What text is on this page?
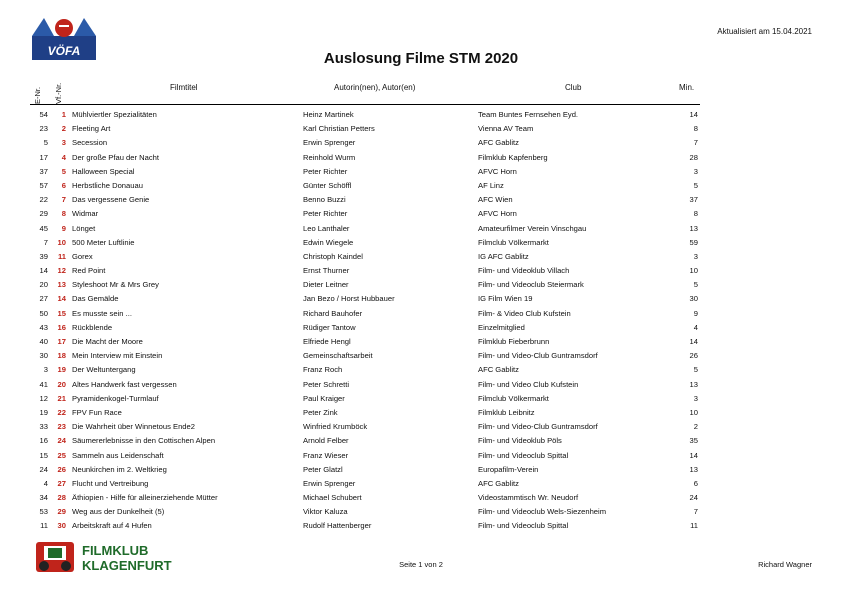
VÖFA
Aktualisiert am 15.04.2021
Auslosung Filme STM 2020
E-Nr. Vf.-Nr.	Filmtitel	Autorin(nen), Autor(en)	Club	Min.
54	1 Mühlviertler Spezialitäten	Heinz Martinek	Team Buntes Fernsehen Eyd.	14
23	2 Fleeting Art	Karl Christian Petters	Vienna AV Team	8
5	3 Secession	Erwin Sprenger	AFC Gablitz	7
17	4 Der große Pfau der Nacht	Reinhold Wurm	Filmklub Kapfenberg	28
37	5 Halloween Special	Peter Richter	AFVC Horn	3
57	6 Herbstliche Donauau	Günter Schöffl	AF Linz	5
22	7 Das vergessene Genie	Benno Buzzi	AFC Wien	37
29	8 Widmar	Peter Richter	AFVC Horn	8
45	9 Lönget	Leo Lanthaler	Amateurfilmer Verein Vinschgau	13
7	10 500 Meter Luftlinie	Edwin Wiegele	Filmclub Völkermarkt	59
39	11 Gorex	Christoph Kaindel	IG AFC Gablitz	3
14	12 Red Point	Ernst Thurner	Film- und Videoklub Villach	10
20	13 Styleshoot Mr & Mrs Grey	Dieter Leitner	Film- und Videoclub Steiermark	5
27	14 Das Gemälde	Jan Bezo / Horst Hubbauer	IG Film Wien 19	30
50	15 Es musste sein ...	Richard Bauhofer	Film- & Video Club Kufstein	9
43	16 Rückblende	Rüdiger Tantow	Einzelmitglied	4
40	17 Die Macht der Moore	Elfriede Hengl	Filmklub Fieberbrunn	14
30	18 Mein Interview mit Einstein	Gemeinschaftsarbeit	Film- und Video-Club Guntramsdorf	26
3	19 Der Weltuntergang	Franz Roch	AFC Gablitz	5
41	20 Altes Handwerk fast vergessen	Peter Schretti	Film- und Video Club Kufstein	13
12	21 Pyramidenkogel-Turmlauf	Paul Kraiger	Filmclub Völkermarkt	3
19	22 FPV Fun Race	Peter Zink	Filmklub Leibnitz	10
33	23 Die Wahrheit über Winnetous Ende2	Winfried Krumböck	Film- und Video-Club Guntramsdorf	2
16	24 Säumererlebnisse in den Cottischen Alpen	Arnold Felber	Film- und Videoklub Pöls	35
15	25 Sammeln aus Leidenschaft	Franz Wieser	Film- und Videoclub Spittal	14
24	26 Neunkirchen im 2. Weltkrieg	Peter Glatzl	Europafilm-Verein	13
4	27 Flucht und Vertreibung	Erwin Sprenger	AFC Gablitz	6
34	28 Äthiopien - Hilfe für alleinerziehende Mütter	Michael Schubert	Videostammtisch Wr. Neudorf	24
53	29 Weg aus der Dunkelheit (5)	Viktor Kaluza	Film- und Videoclub Wels-Siezenheim	7
11	30 Arbeitskraft auf 4 Hufen	Rudolf Hattenberger	Film- und Videoclub Spittal	11
FILMKLUB
KLAGENFURT	Seite 1 von 2	Richard Wagner
